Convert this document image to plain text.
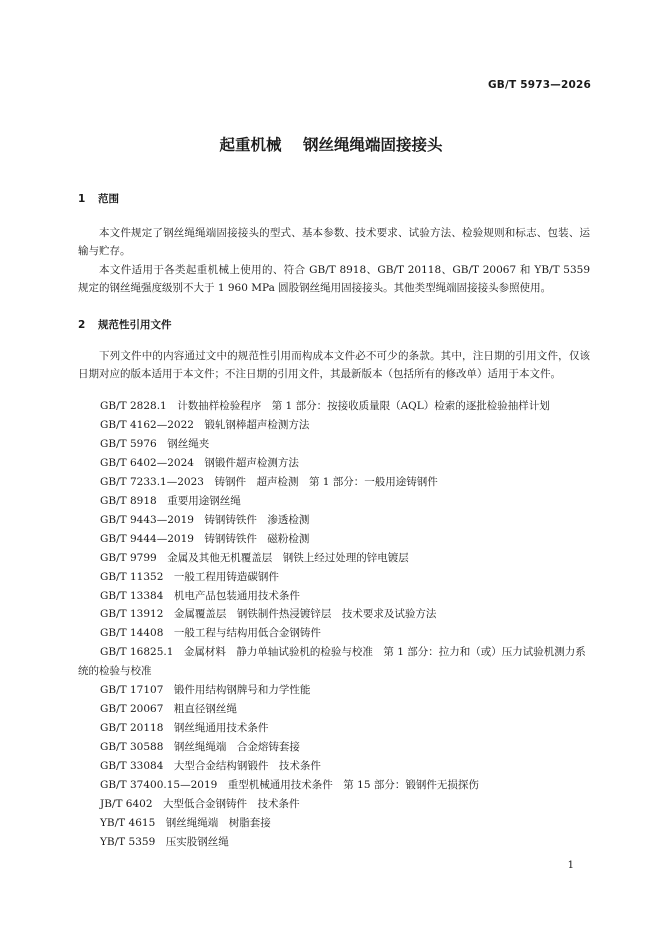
GB/T 5973—2026
起重机械    钢丝绳绳端固接接头
1 范围
本文件规定了钢丝绳绳端固接接头的型式、基本参数、技术要求、试验方法、检验规则和标志、包装、运输与贮存。
本文件适用于各类起重机械上使用的、符合 GB/T 8918、GB/T 20118、GB/T 20067 和 YB/T 5359 规定的钢丝绳强度级别不大于 1 960 MPa 圆股钢丝绳用固接接头。其他类型绳端固接接头参照使用。
2 规范性引用文件
下列文件中的内容通过文中的规范性引用而构成本文件必不可少的条款。其中，注日期的引用文件，仅该日期对应的版本适用于本文件；不注日期的引用文件，其最新版本（包括所有的修改单）适用于本文件。
GB/T 2828.1　计数抽样检验程序　第 1 部分：按接收质量限（AQL）检索的逐批检验抽样计划
GB/T 4162—2022　锻轧钢棒超声检测方法
GB/T 5976　钢丝绳夹
GB/T 6402—2024　钢锻件超声检测方法
GB/T 7233.1—2023　铸钢件　超声检测　第 1 部分：一般用途铸钢件
GB/T 8918　重要用途钢丝绳
GB/T 9443—2019　铸钢铸铁件　渗透检测
GB/T 9444—2019　铸钢铸铁件　磁粉检测
GB/T 9799　金属及其他无机覆盖层　钢铁上经过处理的锌电镀层
GB/T 11352　一般工程用铸造碳钢件
GB/T 13384　机电产品包装通用技术条件
GB/T 13912　金属覆盖层　钢铁制件热浸镀锌层　技术要求及试验方法
GB/T 14408　一般工程与结构用低合金钢铸件
GB/T 16825.1　金属材料　静力单轴试验机的检验与校准　第 1 部分：拉力和（或）压力试验机测力系统的检验与校准
GB/T 17107　锻件用结构钢牌号和力学性能
GB/T 20067　粗直径钢丝绳
GB/T 20118　钢丝绳通用技术条件
GB/T 30588　钢丝绳绳端　合金熔铸套接
GB/T 33084　大型合金结构钢锻件　技术条件
GB/T 37400.15—2019　重型机械通用技术条件　第 15 部分：锻钢件无损探伤
JB/T 6402　大型低合金钢铸件　技术条件
YB/T 4615　钢丝绳绳端　树脂套接
YB/T 5359　压实股钢丝绳
1
